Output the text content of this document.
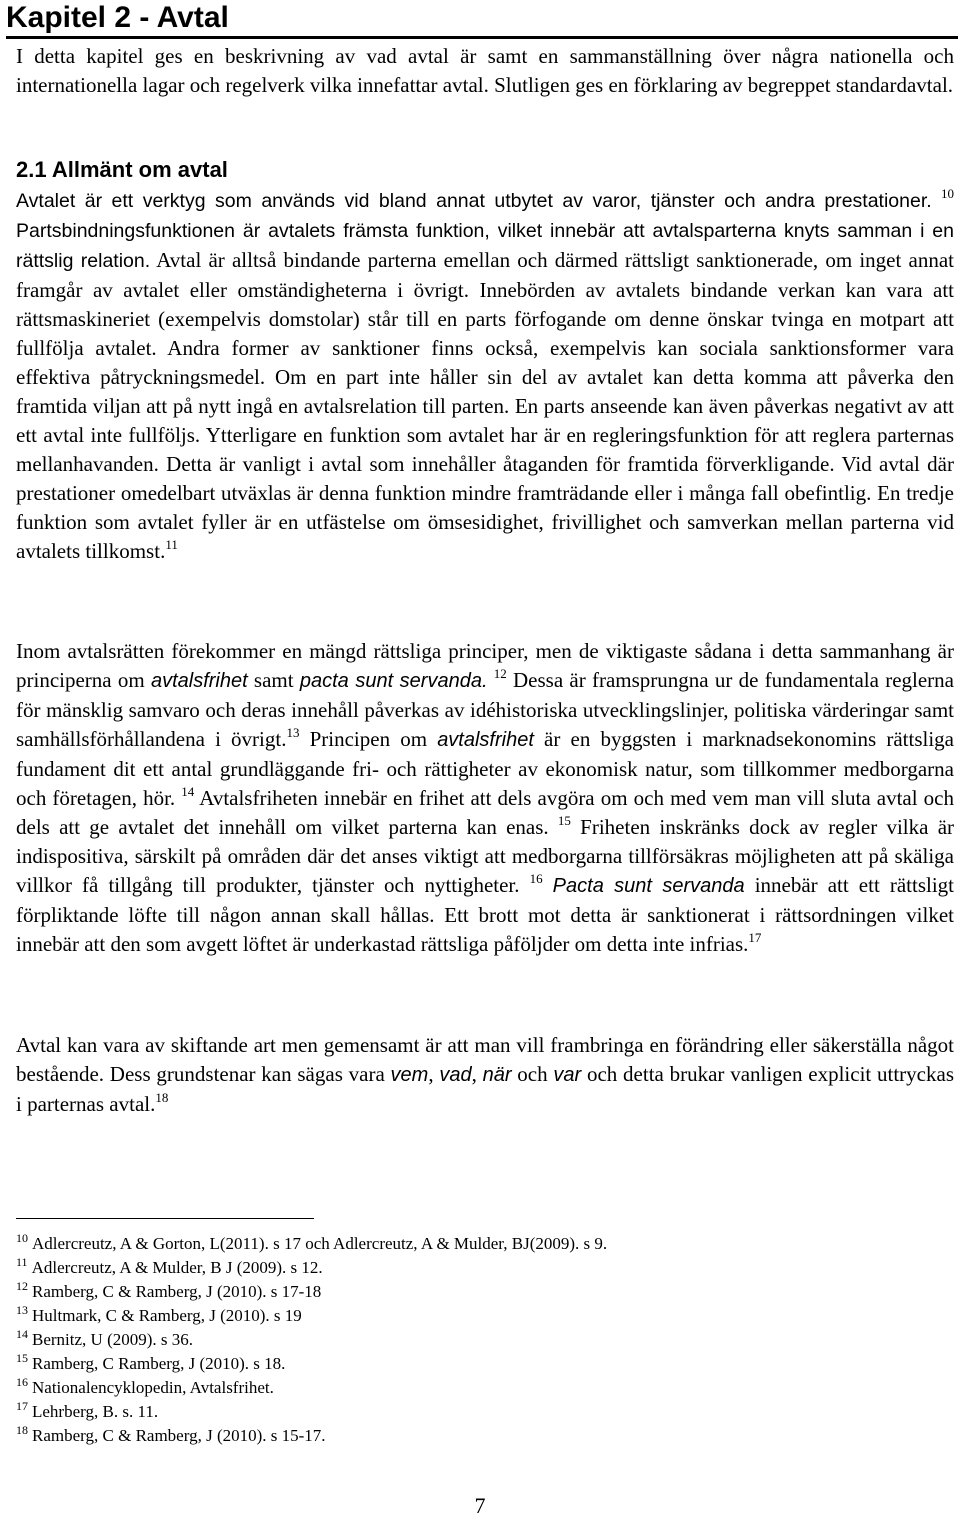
Kapitel 2 - Avtal

I detta kapitel ges en beskrivning av vad avtal är samt en sammanställning över några nationella och internationella lagar och regelverk vilka innefattar avtal. Slutligen ges en förklaring av begreppet standardavtal.

2.1 Allmänt om avtal

Avtalet är ett verktyg som används vid bland annat utbytet av varor, tjänster och andra prestationer. $^{10}$ Partsbindningsfunktionen är avtalets främsta funktion, vilket innebär att avtalsparterna knyts samman i en rättslig relation. Avtal är alltså bindande parterna emellan och därmed rättsligt sanktionerade, om inget annat framgår av avtalet eller omständigheterna i övrigt. Innebörden av avtalets bindande verkan kan vara att rättsmaskineriet (exempelvis domstolar) står till en parts förfogande om denne önskar tvinga en motpart att fullfölja avtalet. Andra former av sanktioner finns också, exempelvis kan sociala sanktionsformer vara effektiva påtryckningsmedel. Om en part inte håller sin del av avtalet kan detta komma att påverka den framtida viljan att på nytt ingå en avtalsrelation till parten. En parts anseende kan även påverkas negativt av att ett avtal inte fullföljs. Ytterligare en funktion som avtalet har är en regleringsfunktion för att reglera parternas mellanhavanden. Detta är vanligt i avtal som innehåller åtaganden för framtida förverkligande. Vid avtal där prestationer omedelbart utväxlas är denna funktion mindre framträdande eller i många fall obefintlig. En tredje funktion som avtalet fyller är en utfästelse om ömsesidighet, frivillighet och samverkan mellan parterna vid avtalets tillkomst.$^{11}$

Inom avtalsrätten förekommer en mängd rättsliga principer, men de viktigaste sådana i detta sammanhang är principerna om avtalsfrihet samt pacta sunt servanda. $^{12}$ Dessa är framsprungna ur de fundamentala reglerna för mänsklig samvaro och deras innehåll påverkas av idéhistoriska utvecklingslinjer, politiska värderingar samt samhällsförhållandena i övrigt.$^{13}$ Principen om avtalsfrihet är en byggsten i marknadsekonomins rättsliga fundament dit ett antal grundläggande fri- och rättigheter av ekonomisk natur, som tillkommer medborgarna och företagen, hör. $^{14}$ Avtalsfriheten innebär en frihet att dels avgöra om och med vem man vill sluta avtal och dels att ge avtalet det innehåll om vilket parterna kan enas. $^{15}$ Friheten inskränks dock av regler vilka är indispositiva, särskilt på områden där det anses viktigt att medborgarna tillförsäkras möjligheten att på skäliga villkor få tillgång till produkter, tjänster och nyttigheter. $^{16}$ Pacta sunt servanda innebär att ett rättsligt förpliktande löfte till någon annan skall hållas. Ett brott mot detta är sanktionerat i rättsordningen vilket innebär att den som avgett löftet är underkastad rättsliga påföljder om detta inte infrias.$^{17}$

Avtal kan vara av skiftande art men gemensamt är att man vill frambringa en förändring eller säkerställa något bestående. Dess grundstenar kan sägas vara vem, vad, när och var och detta brukar vanligen explicit uttryckas i parternas avtal.$^{18}$

$^{10}$ Adlercreutz, A & Gorton, L(2011). s 17 och Adlercreutz, A & Mulder, BJ(2009). s 9.
$^{11}$ Adlercreutz, A & Mulder, B J (2009). s 12.
$^{12}$ Ramberg, C & Ramberg, J (2010). s 17-18
$^{13}$ Hultmark, C & Ramberg, J (2010). s 19
$^{14}$ Bernitz, U (2009). s 36.
$^{15}$ Ramberg, C Ramberg, J (2010). s 18.
$^{16}$ Nationalencyklopedin, Avtalsfrihet.
$^{17}$ Lehrberg, B. s. 11.
$^{18}$ Ramberg, C & Ramberg, J (2010). s 15-17.
7
